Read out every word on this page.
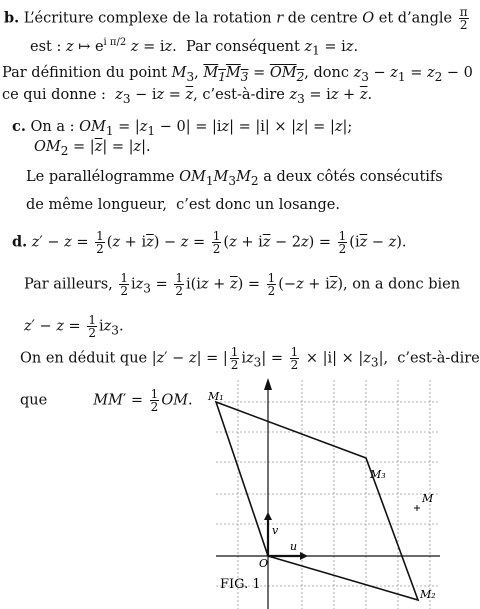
b. L’écriture complexe de la rotation r de centre O et d’angle $\frac{\pi}{2}$
est : z ↦ $e^{i \pi/2}$ z = iz.  Par conséquent $z_1$ = iz.
Par définition du point $M_3$, $M_1M_3 = OM_2$, donc $z_3 - z_1 = z_2 - 0$
ce qui donne :  $z_3$ − iz = $\overline{z}$, c’est-à-dire $z_3$ = iz + $\overline{z}$.
c. On a : $OM_1 = |z_1 - 0| = |iz| = |i| \times |z| = |z|$;
$OM_2 = |\overline{z}| = |z|$.
Le parallélogramme $OM_1M_3M_2$ a deux côtés consécutifs
de même longueur,  c’est donc un losange.
d. $z' - z = \frac{1}{2} (z + i\overline{z}) - z = \frac{1}{2} (z + i\overline{z} - 2z) = \frac{1}{2} (i\overline{z} - z)$.
Par ailleurs, $\frac{1}{2} iz_3 = \frac{1}{2} i(iz + \overline{z}) = \frac{1}{2} (-z + i\overline{z})$, on a donc bien
$z' - z = \frac{1}{2} iz_3$.
On en déduit que |z′ − z| = | $\frac{1}{2} iz_3| = \frac{1}{2} \times |i| \times |z_3|$,  c’est-à-dire
que          $MM' = \frac{1}{2}$ OM. M₁
M₃
M
O
u
v
M₂
FIG. 1
